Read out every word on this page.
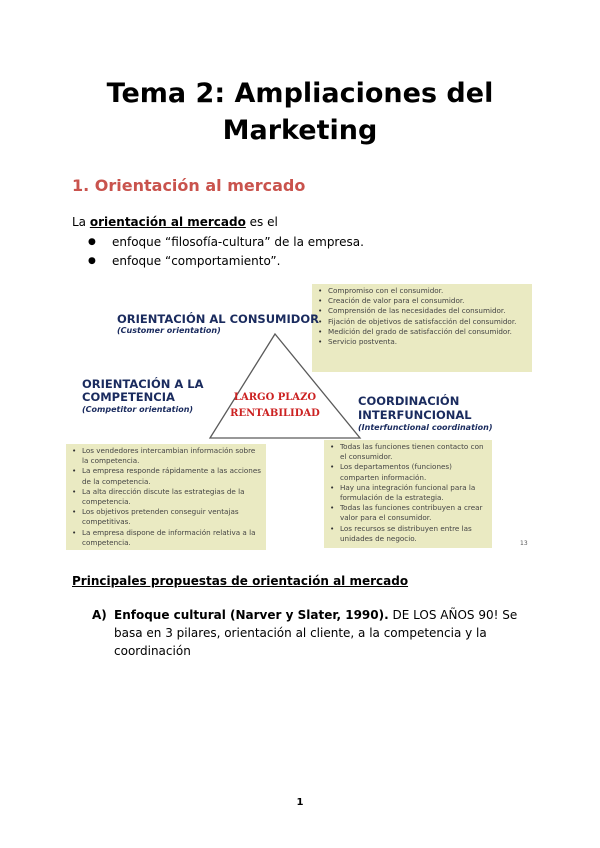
Tema 2: Ampliaciones del
Marketing
1. Orientación al mercado
La orientación al mercado es el
● enfoque “filosofía-cultura” de la empresa.
● enfoque “comportamiento”.
• Compromiso con el consumidor.
• Creación de valor para el consumidor.
• Comprensión de las necesidades del consumidor.
• Fijación de objetivos de satisfacción del consumidor.
• Medición del grado de satisfacción del consumidor.
• Servicio postventa.
ORIENTACIÓN AL CONSUMIDOR
(Customer orientation)
ORIENTACIÓN A LA
COMPETENCIA
(Competitor orientation)
COORDINACIÓN
INTERFUNCIONAL
(Interfunctional coordination)
LARGO PLAZO
RENTABILIDAD
• Los vendedores intercambian información sobre la competencia.
• La empresa responde rápidamente a las acciones de la competencia.
• La alta dirección discute las estrategias de la competencia.
• Los objetivos pretenden conseguir ventajas competitivas.
• La empresa dispone de información relativa a la competencia.
• Todas las funciones tienen contacto con el consumidor.
• Los departamentos (funciones) comparten información.
• Hay una integración funcional para la formulación de la estrategia.
• Todas las funciones contribuyen a crear valor para el consumidor.
• Los recursos se distribuyen entre las unidades de negocio.
13
Principales propuestas de orientación al mercado
A) Enfoque cultural (Narver y Slater, 1990). DE LOS AÑOS 90! Se basa en 3 pilares, orientación al cliente, a la competencia y la coordinación
1
